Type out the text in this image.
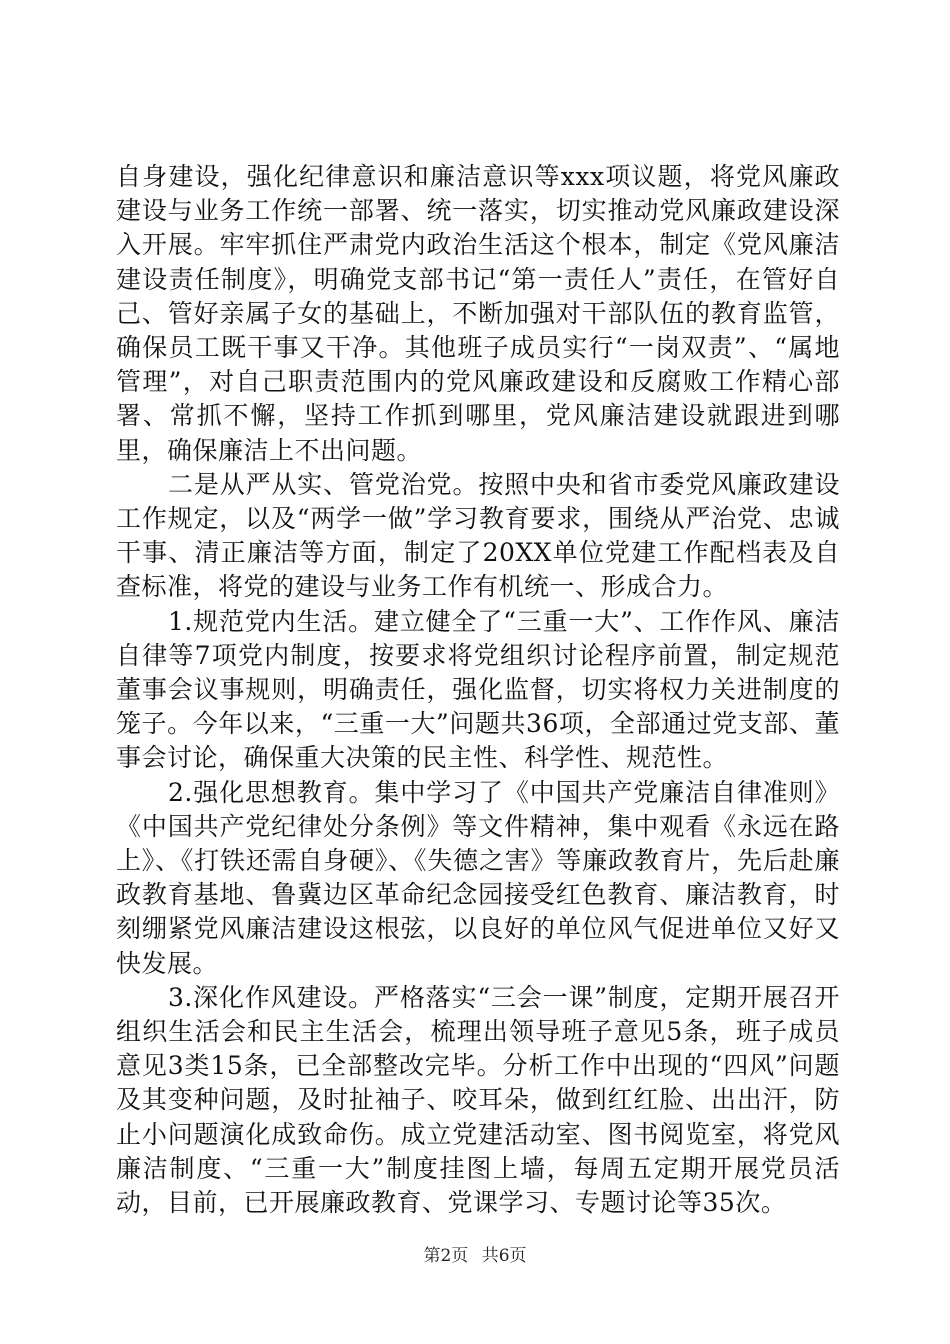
自身建设，强化纪律意识和廉洁意识等xxx项议题，将党风廉政建设与业务工作统一部署、统一落实，切实推动党风廉政建设深入开展。牢牢抓住严肃党内政治生活这个根本，制定《党风廉洁建设责任制度》，明确党支部书记“第一责任人”责任，在管好自己、管好亲属子女的基础上，不断加强对干部队伍的教育监管，确保员工既干事又干净。其他班子成员实行“一岗双责”、“属地管理”，对自己职责范围内的党风廉政建设和反腐败工作精心部署、常抓不懈，坚持工作抓到哪里，党风廉洁建设就跟进到哪里，确保廉洁上不出问题。

二是从严从实、管党治党。按照中央和省市委党风廉政建设工作规定，以及“两学一做”学习教育要求，围绕从严治党、忠诚干事、清正廉洁等方面，制定了20XX单位党建工作配档表及自查标准，将党的建设与业务工作有机统一、形成合力。

1.规范党内生活。建立健全了“三重一大”、工作作风、廉洁自律等7项党内制度，按要求将党组织讨论程序前置，制定规范董事会议事规则，明确责任，强化监督，切实将权力关进制度的笼子。今年以来，“三重一大”问题共36项，全部通过党支部、董事会讨论，确保重大决策的民主性、科学性、规范性。

2.强化思想教育。集中学习了《中国共产党廉洁自律准则》《中国共产党纪律处分条例》等文件精神，集中观看《永远在路上》、《打铁还需自身硬》、《失德之害》等廉政教育片，先后赴廉政教育基地、鲁冀边区革命纪念园接受红色教育、廉洁教育，时刻绷紧党风廉洁建设这根弦，以良好的单位风气促进单位又好又快发展。

3.深化作风建设。严格落实“三会一课”制度，定期开展召开组织生活会和民主生活会，梳理出领导班子意见5条，班子成员意见3类15条，已全部整改完毕。分析工作中出现的“四风”问题及其变种问题，及时扯袖子、咬耳朵，做到红红脸、出出汗，防止小问题演化成致命伤。成立党建活动室、图书阅览室，将党风廉洁制度、“三重一大”制度挂图上墙，每周五定期开展党员活动，目前，已开展廉政教育、党课学习、专题讨论等35次。

第2页 共6页
